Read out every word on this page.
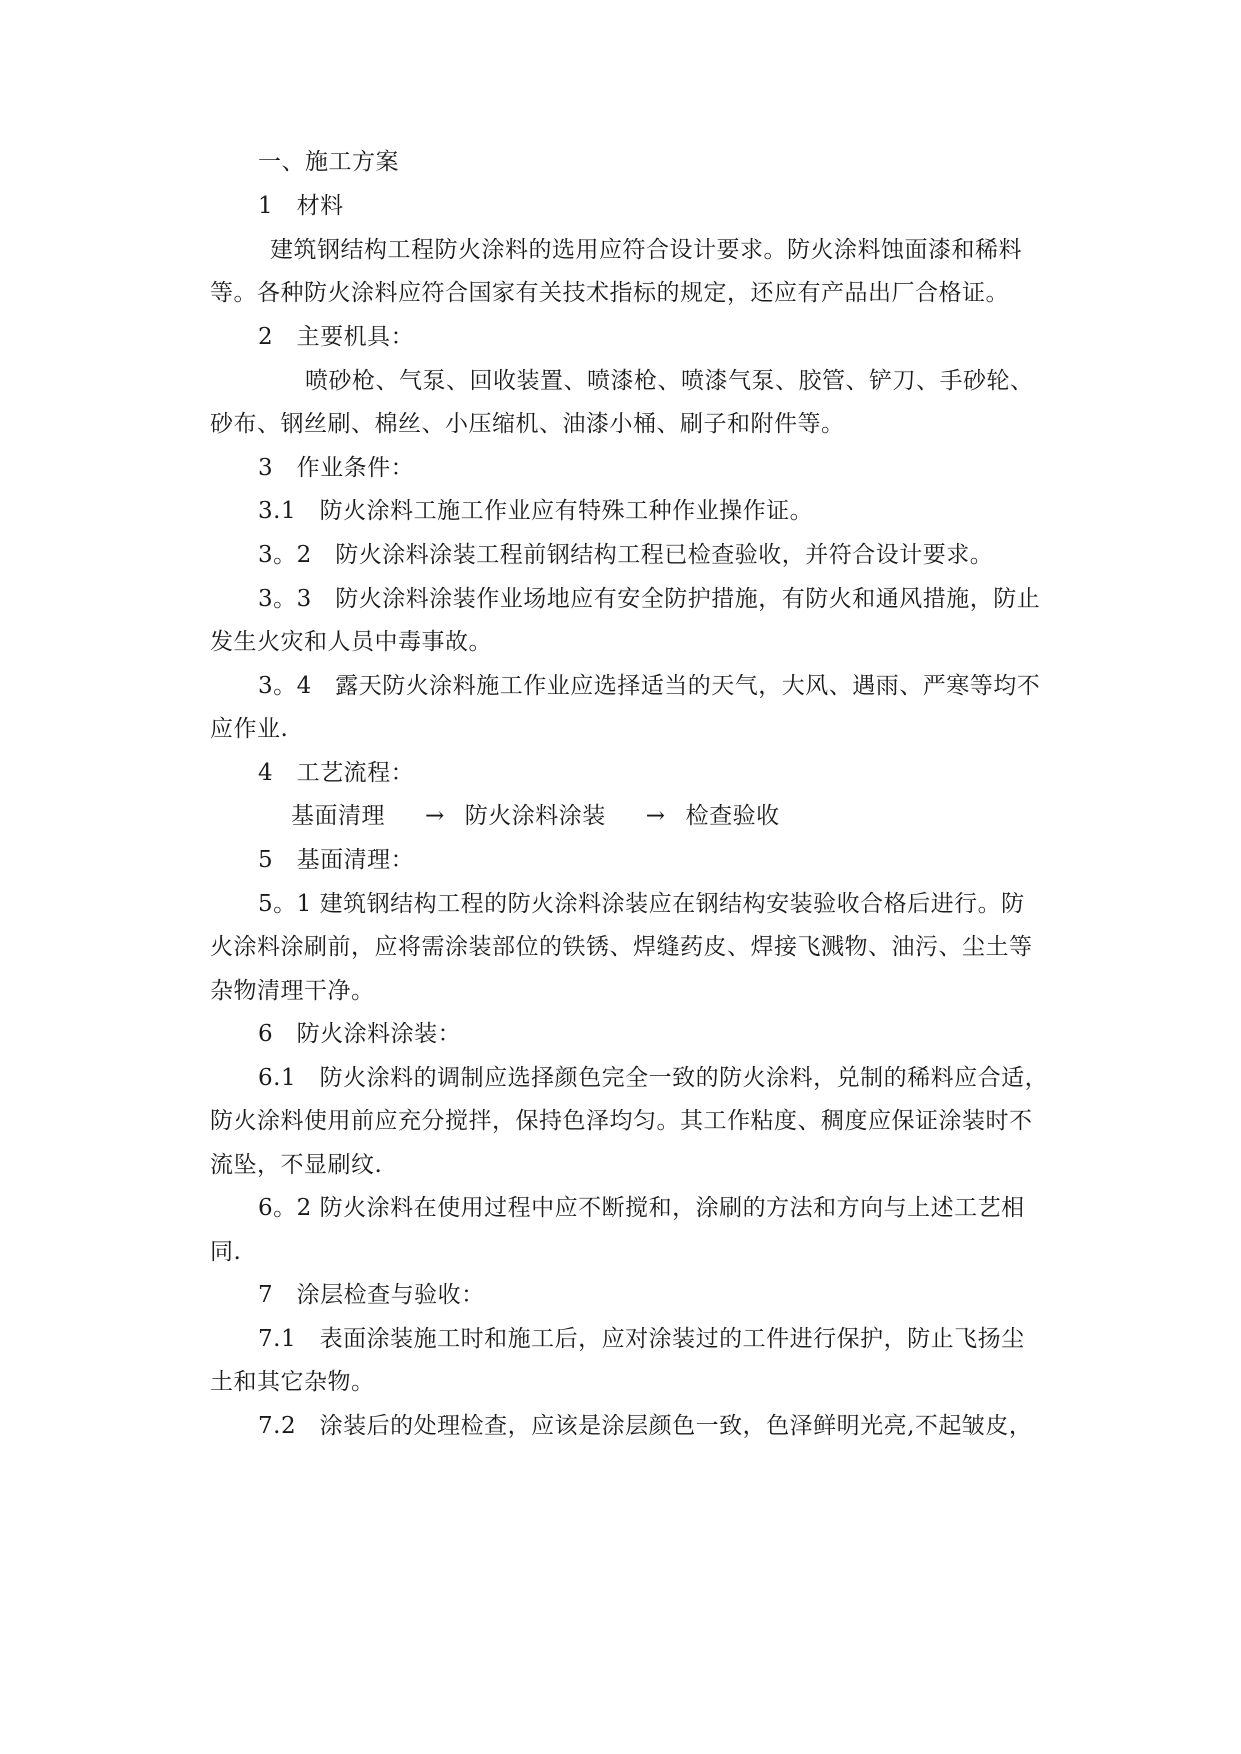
一、施工方案
1　材料
建筑钢结构工程防火涂料的选用应符合设计要求。防火涂料蚀面漆和稀料
等。各种防火涂料应符合国家有关技术指标的规定，还应有产品出厂合格证。
2　主要机具：
喷砂枪、气泵、回收装置、喷漆枪、喷漆气泵、胶管、铲刀、手砂轮、
砂布、钢丝刷、棉丝、小压缩机、油漆小桶、刷子和附件等。
3　作业条件：
3.1　防火涂料工施工作业应有特殊工种作业操作证。
3。2　防火涂料涂装工程前钢结构工程已检查验收，并符合设计要求。
3。3　防火涂料涂装作业场地应有安全防护措施，有防火和通风措施，防止
发生火灾和人员中毒事故。
3。4　露天防火涂料施工作业应选择适当的天气，大风、遇雨、严寒等均不
应作业.
4　工艺流程：
基面清理 → 防火涂料涂装 → 检查验收
5　基面清理：
5。1 建筑钢结构工程的防火涂料涂装应在钢结构安装验收合格后进行。防
火涂料涂刷前，应将需涂装部位的铁锈、焊缝药皮、焊接飞溅物、油污、尘土等
杂物清理干净。
6　防火涂料涂装：
6.1　防火涂料的调制应选择颜色完全一致的防火涂料，兑制的稀料应合适，
防火涂料使用前应充分搅拌，保持色泽均匀。其工作粘度、稠度应保证涂装时不
流坠，不显刷纹.
6。2 防火涂料在使用过程中应不断搅和，涂刷的方法和方向与上述工艺相
同.
7　涂层检查与验收：
7.1　表面涂装施工时和施工后，应对涂装过的工件进行保护，防止飞扬尘
土和其它杂物。
7.2　涂装后的处理检查，应该是涂层颜色一致，色泽鲜明光亮,不起皱皮，
